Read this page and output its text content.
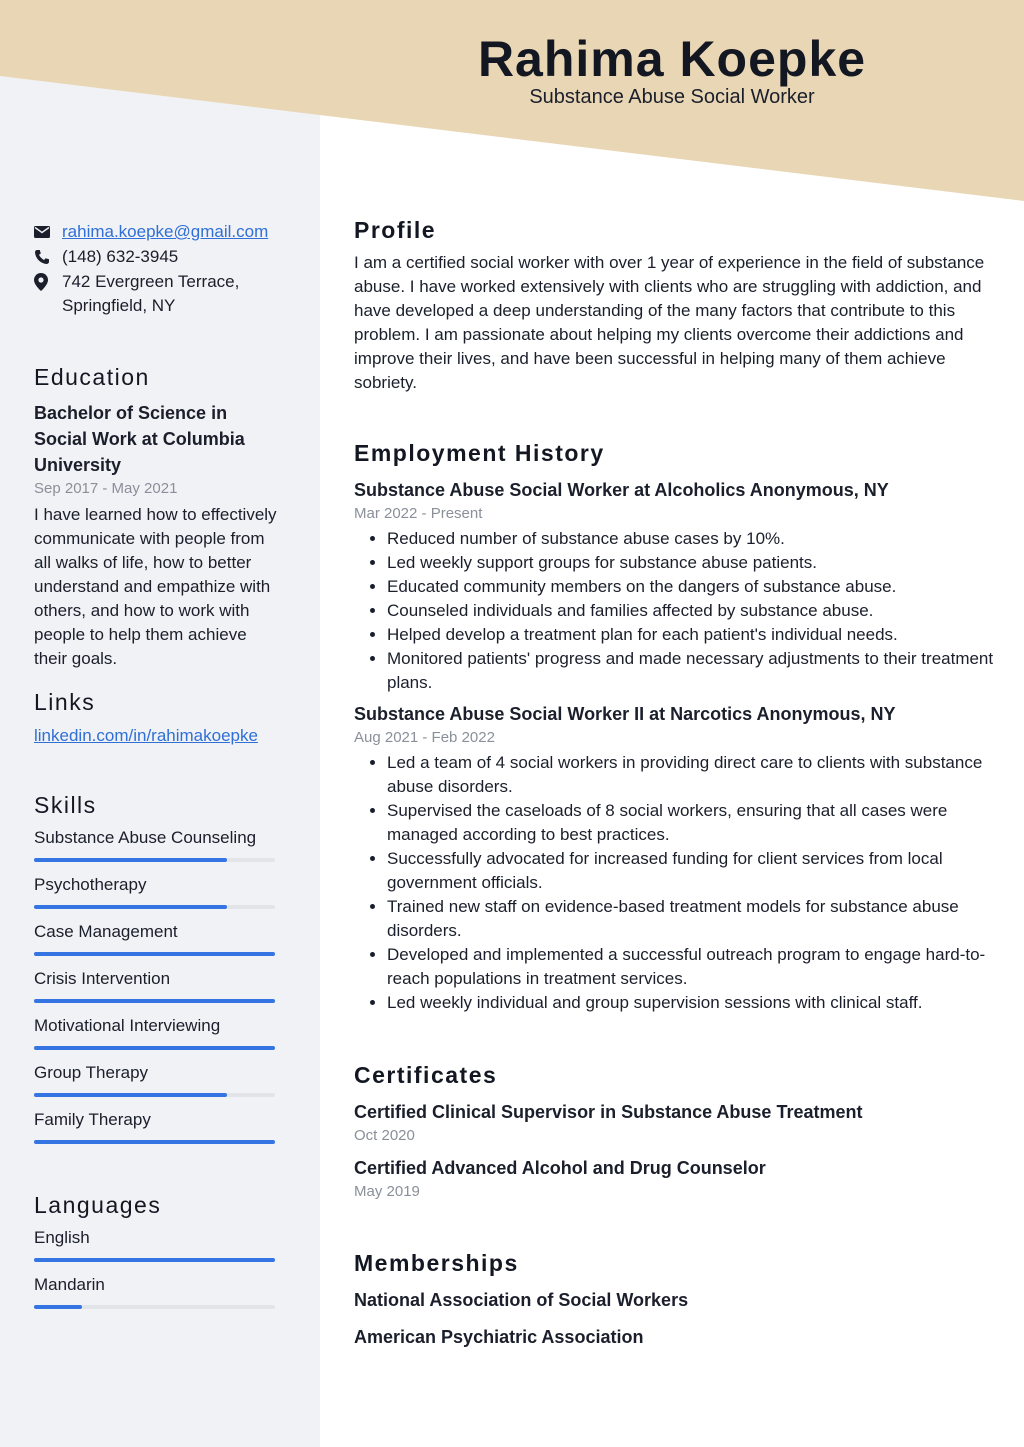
Rahima Koepke
Substance Abuse Social Worker
rahima.koepke@gmail.com
(148) 632-3945
742 Evergreen Terrace,
Springfield, NY
Education
Bachelor of Science in Social Work at Columbia University
Sep 2017 - May 2021
I have learned how to effectively communicate with people from all walks of life, how to better understand and empathize with others, and how to work with people to help them achieve their goals.
Links
linkedin.com/in/rahimakoepke
Skills
Substance Abuse Counseling
Psychotherapy
Case Management
Crisis Intervention
Motivational Interviewing
Group Therapy
Family Therapy
Languages
English
Mandarin
Profile
I am a certified social worker with over 1 year of experience in the field of substance abuse. I have worked extensively with clients who are struggling with addiction, and have developed a deep understanding of the many factors that contribute to this problem. I am passionate about helping my clients overcome their addictions and improve their lives, and have been successful in helping many of them achieve sobriety.
Employment History
Substance Abuse Social Worker at Alcoholics Anonymous, NY
Mar 2022 - Present
• Reduced number of substance abuse cases by 10%.
• Led weekly support groups for substance abuse patients.
• Educated community members on the dangers of substance abuse.
• Counseled individuals and families affected by substance abuse.
• Helped develop a treatment plan for each patient's individual needs.
• Monitored patients' progress and made necessary adjustments to their treatment plans.
Substance Abuse Social Worker II at Narcotics Anonymous, NY
Aug 2021 - Feb 2022
• Led a team of 4 social workers in providing direct care to clients with substance abuse disorders.
• Supervised the caseloads of 8 social workers, ensuring that all cases were managed according to best practices.
• Successfully advocated for increased funding for client services from local government officials.
• Trained new staff on evidence-based treatment models for substance abuse disorders.
• Developed and implemented a successful outreach program to engage hard-to-reach populations in treatment services.
• Led weekly individual and group supervision sessions with clinical staff.
Certificates
Certified Clinical Supervisor in Substance Abuse Treatment
Oct 2020
Certified Advanced Alcohol and Drug Counselor
May 2019
Memberships
National Association of Social Workers
American Psychiatric Association
